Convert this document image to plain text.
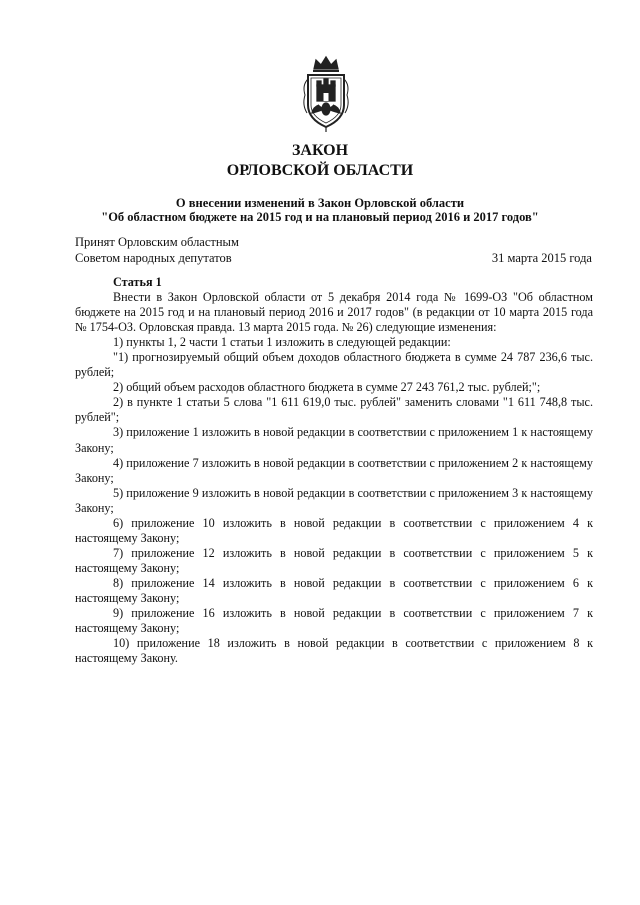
ЗАКОН
ОРЛОВСКОЙ ОБЛАСТИ
О внесении изменений в Закон Орловской области
"Об областном бюджете на 2015 год и на плановый период 2016 и 2017 годов"
Принят Орловским областным
Советом народных депутатов	31 марта 2015 года
Статья 1
Внести в Закон Орловской области от 5 декабря 2014 года № 1699-ОЗ "Об областном бюджете на 2015 год и на плановый период 2016 и 2017 годов" (в редакции от 10 марта 2015 года № 1754-ОЗ. Орловская правда. 13 марта 2015 года. № 26) следующие изменения:
1) пункты 1, 2 части 1 статьи 1 изложить в следующей редакции:
"1) прогнозируемый общий объем доходов областного бюджета в сумме 24 787 236,6 тыс. рублей;
2) общий объем расходов областного бюджета в сумме 27 243 761,2 тыс. рублей;";
2) в пункте 1 статьи 5 слова "1 611 619,0 тыс. рублей" заменить словами "1 611 748,8 тыс. рублей";
3) приложение 1 изложить в новой редакции в соответствии с приложением 1 к настоящему Закону;
4) приложение 7 изложить в новой редакции в соответствии с приложением 2 к настоящему Закону;
5) приложение 9 изложить в новой редакции в соответствии с приложением 3 к настоящему Закону;
6) приложение 10 изложить в новой редакции в соответствии с приложением 4 к настоящему Закону;
7) приложение 12 изложить в новой редакции в соответствии с приложением 5 к настоящему Закону;
8) приложение 14 изложить в новой редакции в соответствии с приложением 6 к настоящему Закону;
9) приложение 16 изложить в новой редакции в соответствии с приложением 7 к настоящему Закону;
10) приложение 18 изложить в новой редакции в соответствии с приложением 8 к настоящему Закону.
